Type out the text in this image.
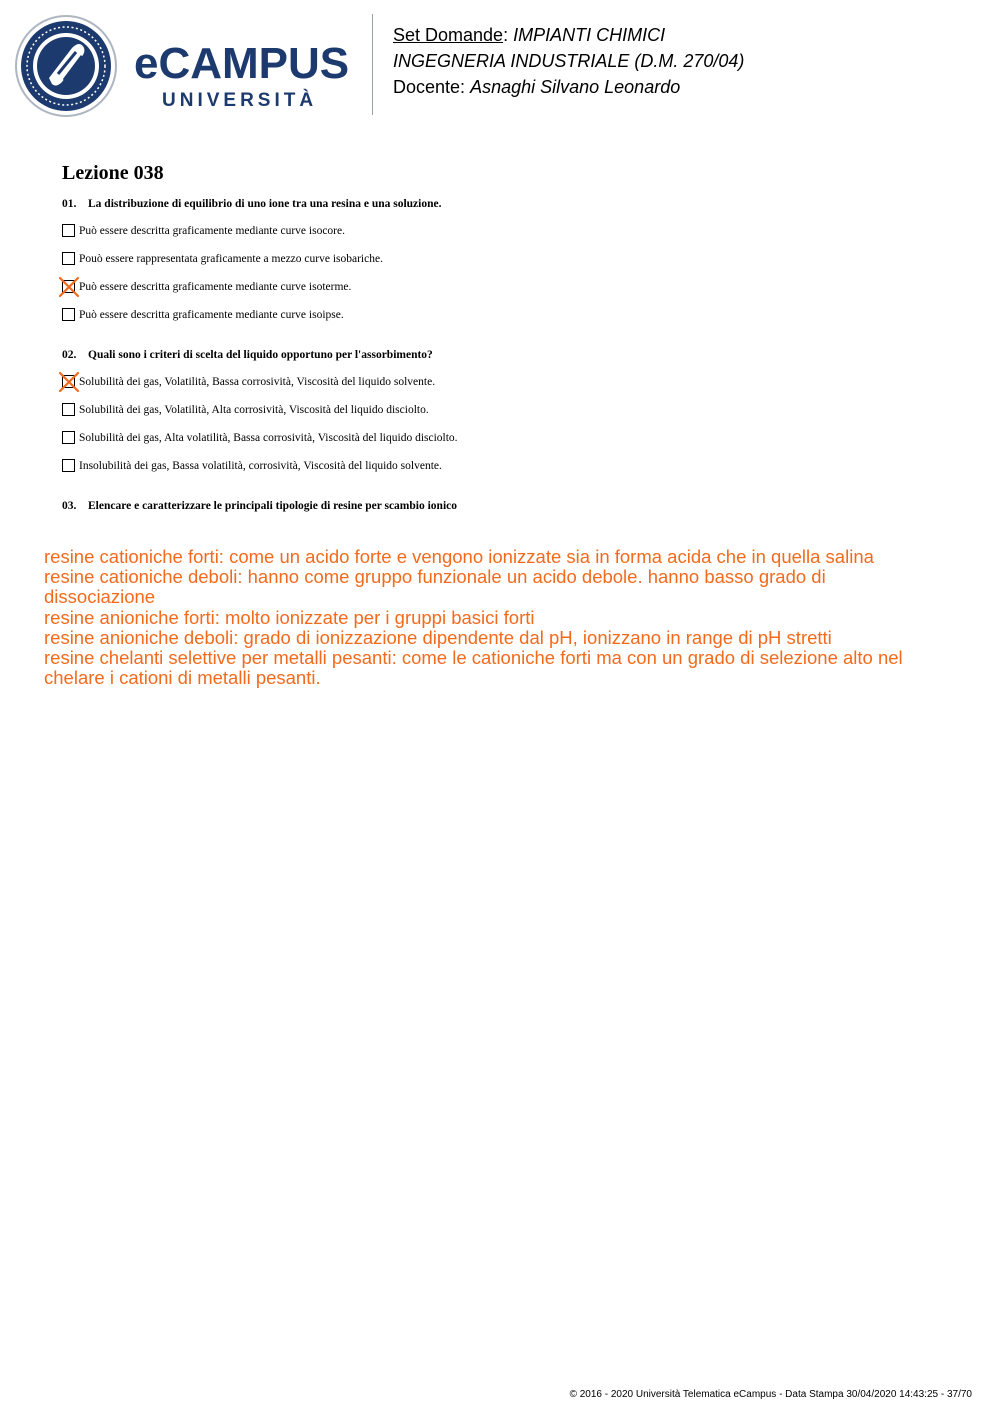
eCAMPUS
UNIVERSITÀ
Set Domande: IMPIANTI CHIMICI
INGEGNERIA INDUSTRIALE (D.M. 270/04)
Docente: Asnaghi Silvano Leonardo
Lezione 038
01. La distribuzione di equilibrio di uno ione tra una resina e una soluzione.
Può essere descritta graficamente mediante curve isocore.
Pouò essere rappresentata graficamente a mezzo curve isobariche.
Può essere descritta graficamente mediante curve isoterme.
Può essere descritta graficamente mediante curve isoipse.
02. Quali sono i criteri di scelta del liquido opportuno per l'assorbimento?
Solubilità dei gas, Volatilità, Bassa corrosività, Viscosità del liquido solvente.
Solubilità dei gas, Volatilità, Alta corrosività, Viscosità del liquido disciolto.
Solubilità dei gas, Alta volatilità, Bassa corrosività, Viscosità del liquido disciolto.
Insolubilità dei gas, Bassa volatilità, corrosività, Viscosità del liquido solvente.
03. Elencare e caratterizzare le principali tipologie di resine per scambio ionico
resine cationiche forti: come un acido forte e vengono ionizzate sia in forma acida che in quella salina
resine cationiche deboli: hanno come gruppo funzionale un acido debole. hanno basso grado di
dissociazione
resine anioniche forti: molto ionizzate per i gruppi basici forti
resine anioniche deboli: grado di ionizzazione dipendente dal pH, ionizzano in range di pH stretti
resine chelanti selettive per metalli pesanti: come le cationiche forti ma con un grado di selezione alto nel
chelare i cationi di metalli pesanti.
© 2016 - 2020 Università Telematica eCampus - Data Stampa 30/04/2020 14:43:25 - 37/70
